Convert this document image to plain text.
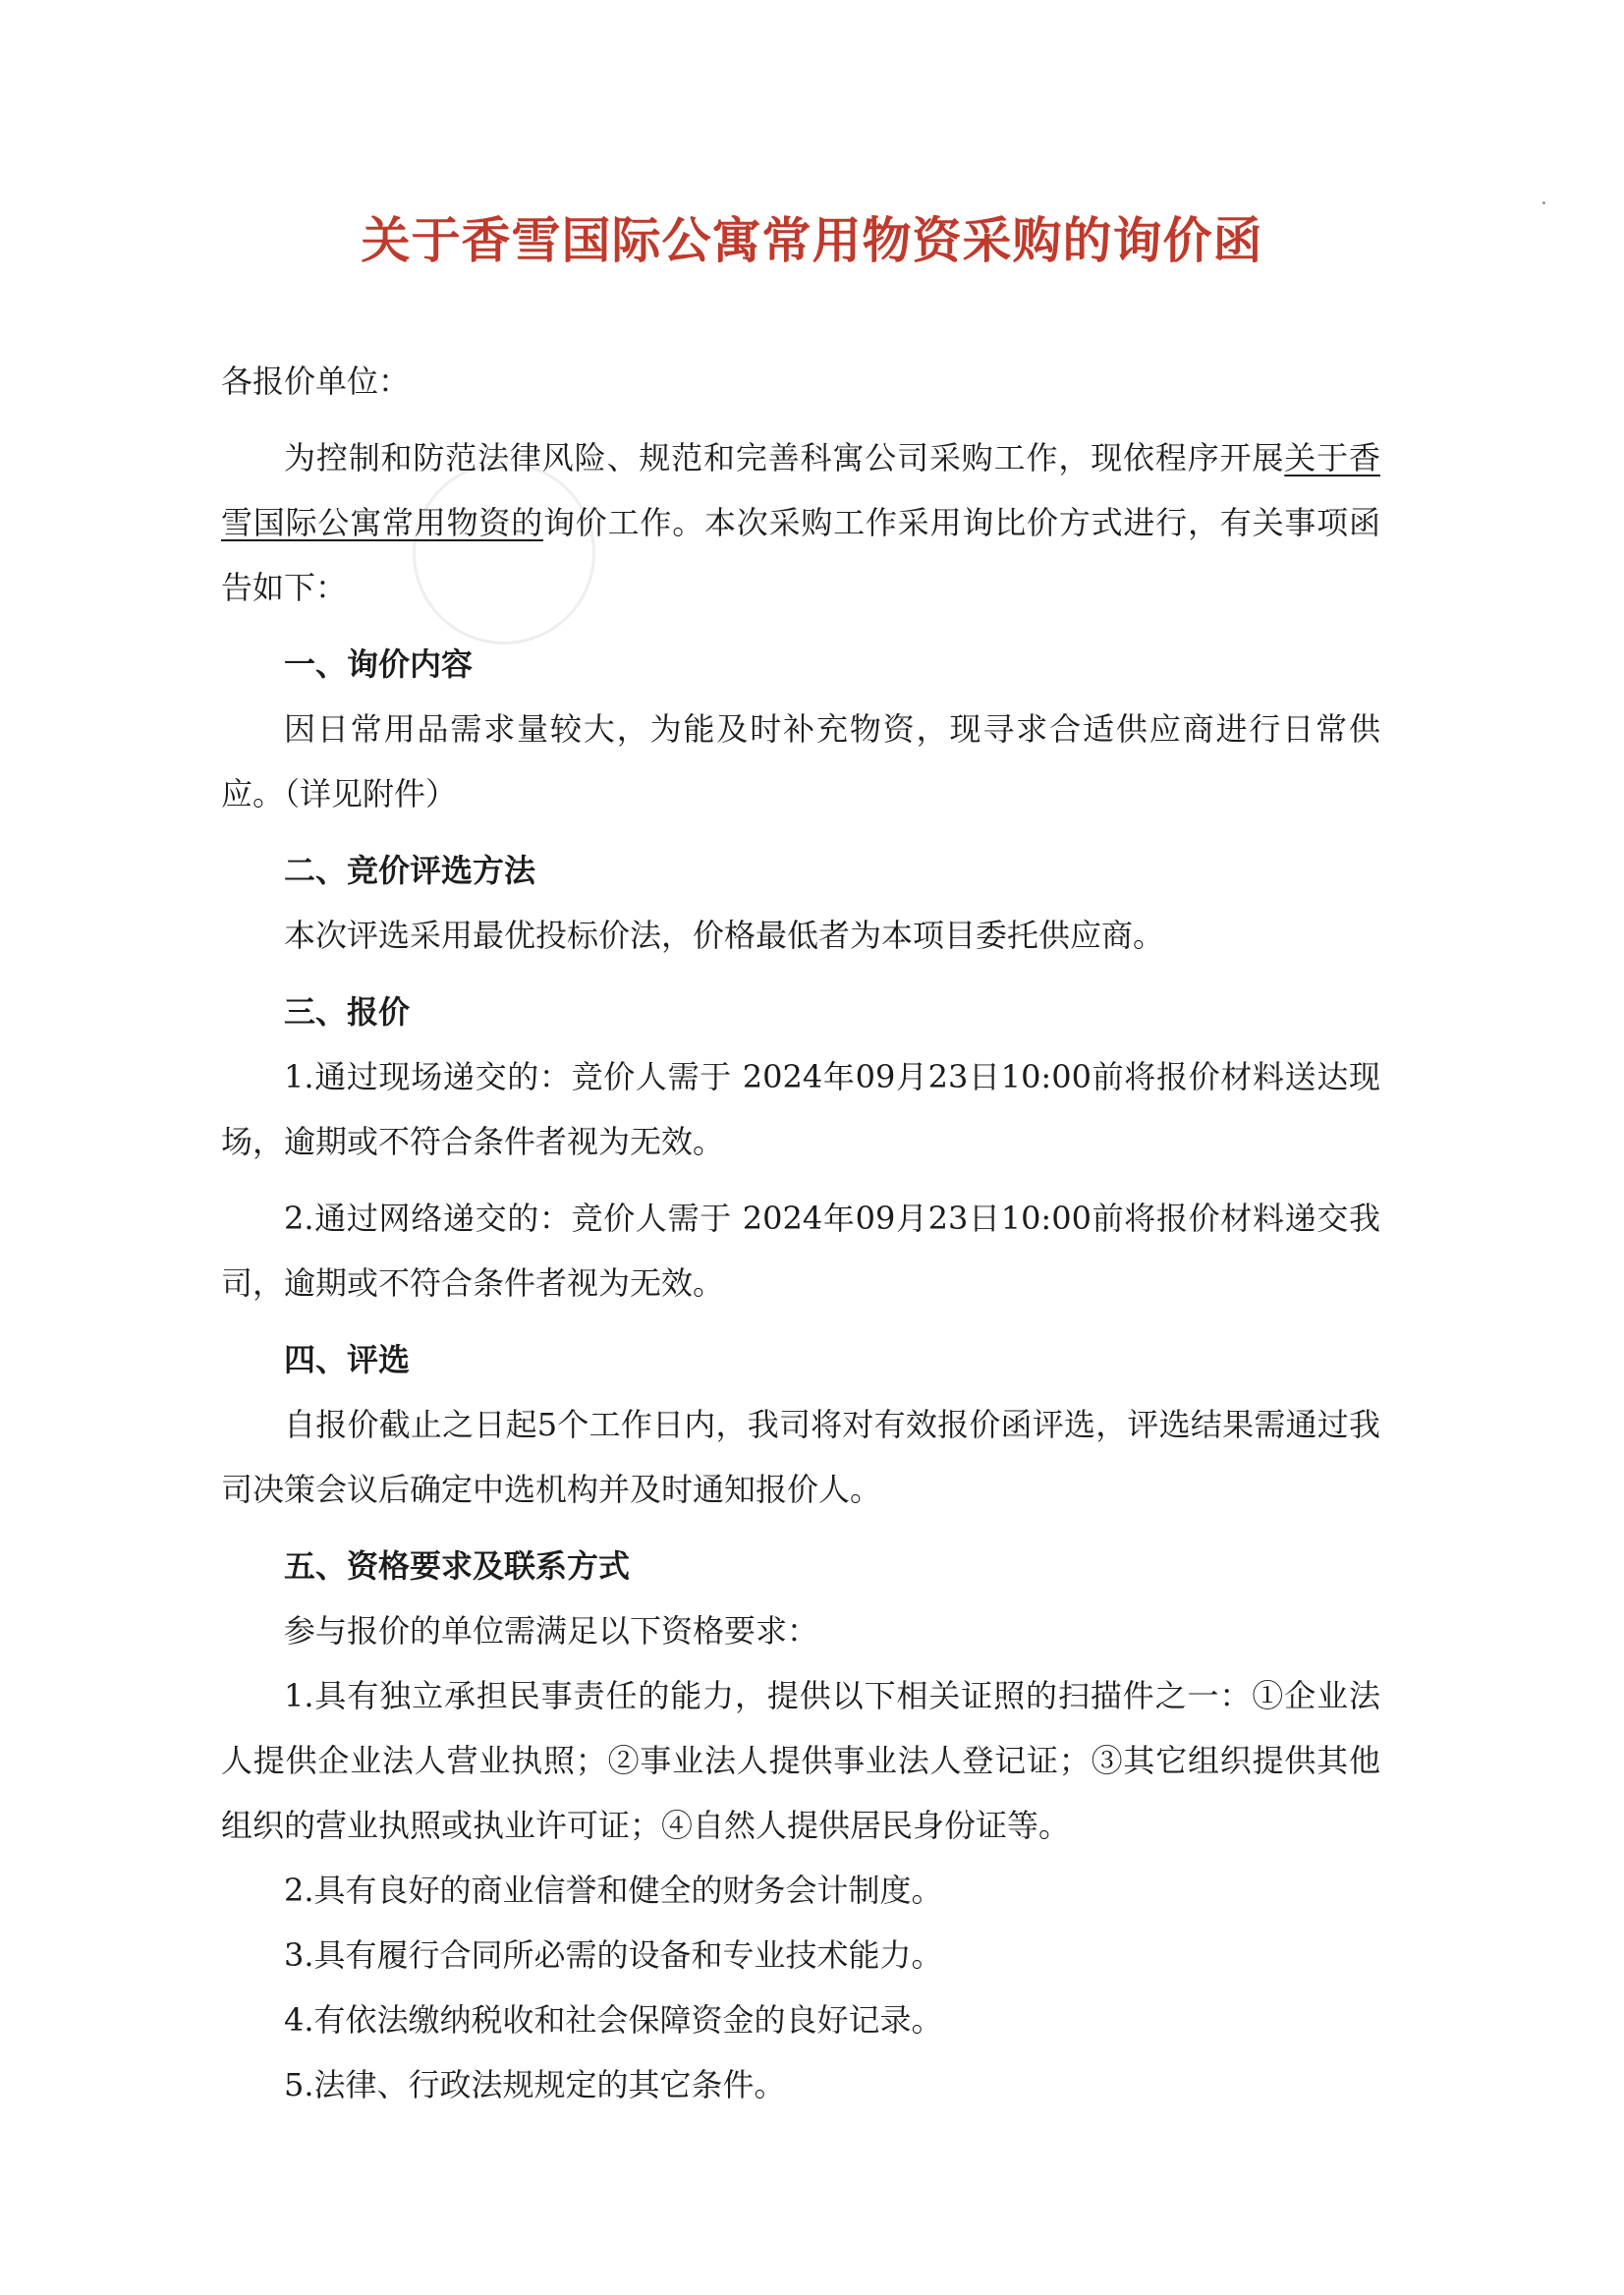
关于香雪国际公寓常用物资采购的询价函

各报价单位：

为控制和防范法律风险、规范和完善科寓公司采购工作，现依程序开展关于香雪国际公寓常用物资的询价工作。本次采购工作采用询比价方式进行，有关事项函告如下：

一、询价内容

因日常用品需求量较大，为能及时补充物资，现寻求合适供应商进行日常供应。（详见附件）

二、竞价评选方法

本次评选采用最优投标价法，价格最低者为本项目委托供应商。

三、报价

1.通过现场递交的：竞价人需于 2024年09月23日10:00前将报价材料送达现场，逾期或不符合条件者视为无效。

2.通过网络递交的：竞价人需于 2024年09月23日10:00前将报价材料递交我司，逾期或不符合条件者视为无效。

四、评选

自报价截止之日起5个工作日内，我司将对有效报价函评选，评选结果需通过我司决策会议后确定中选机构并及时通知报价人。

五、资格要求及联系方式

参与报价的单位需满足以下资格要求：

1.具有独立承担民事责任的能力，提供以下相关证照的扫描件之一：①企业法人提供企业法人营业执照；②事业法人提供事业法人登记证；③其它组织提供其他组织的营业执照或执业许可证；④自然人提供居民身份证等。

2.具有良好的商业信誉和健全的财务会计制度。

3.具有履行合同所必需的设备和专业技术能力。

4.有依法缴纳税收和社会保障资金的良好记录。

5.法律、行政法规规定的其它条件。
